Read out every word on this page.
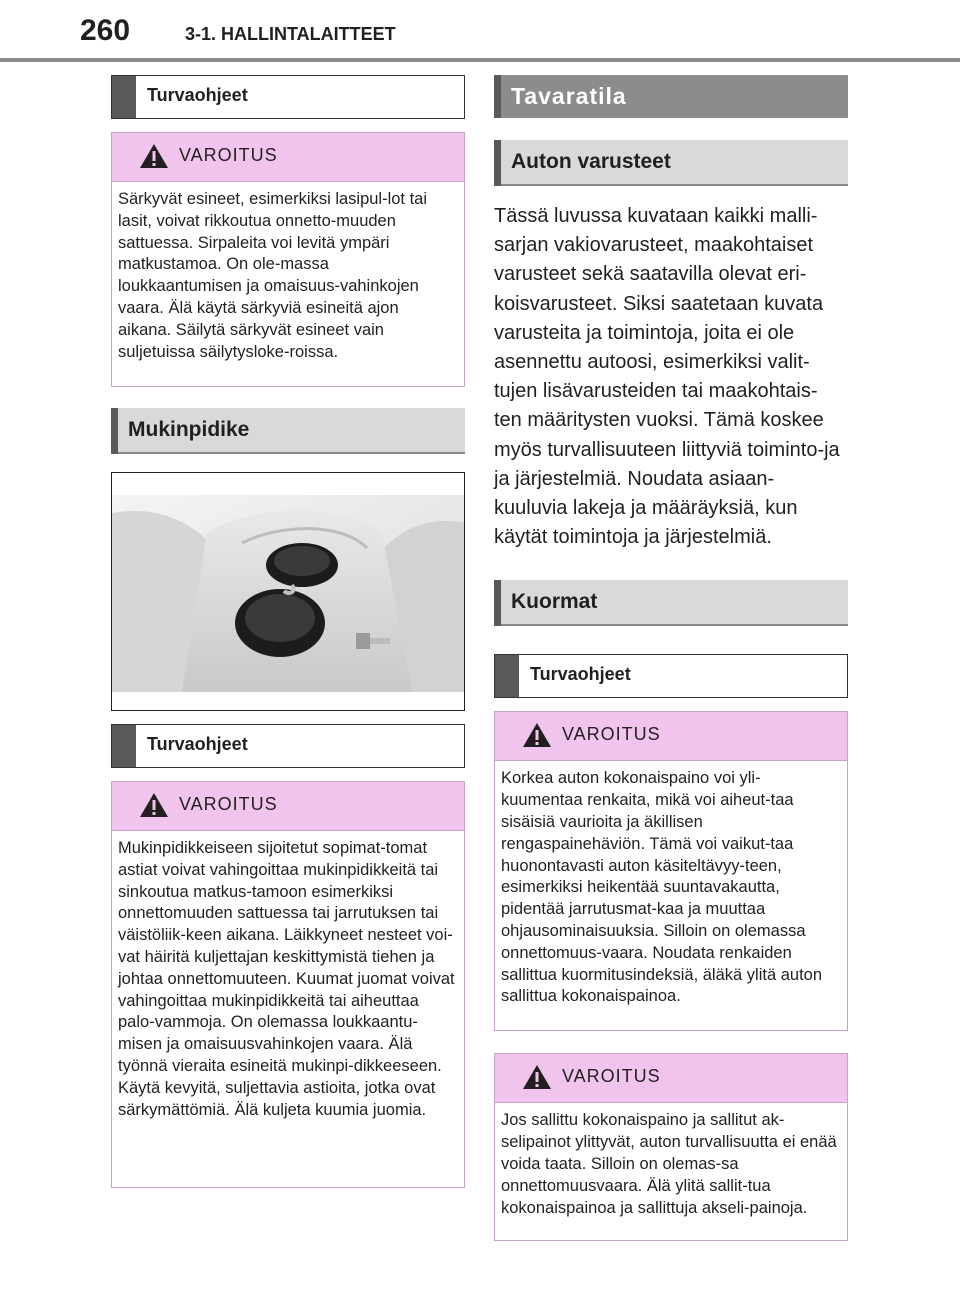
260	3-1. HALLINTALAITTEET
Turvaohjeet
VAROITUS
Särkyvät esineet, esimerkiksi lasipul-lot tai lasit, voivat rikkoutua onnetto-muuden sattuessa. Sirpaleita voi levitä ympäri matkustamoa. On ole-massa loukkaantumisen ja omaisuus-vahinkojen vaara. Älä käytä särkyviä esineitä ajon aikana. Säilytä särkyvät esineet vain suljetuissa säilytysloke-roissa.
Mukinpidike
Turvaohjeet
VAROITUS
Mukinpidikkeiseen sijoitetut sopimat-tomat astiat voivat vahingoittaa mukinpidikkeitä tai sinkoutua matkus-tamoon esimerkiksi onnettomuuden sattuessa tai jarrutuksen tai väistöliik-keen aikana. Läikkyneet nesteet voi-vat häiritä kuljettajan keskittymistä tiehen ja johtaa onnettomuuteen. Kuumat juomat voivat vahingoittaa mukinpidikkeitä tai aiheuttaa palo-vammoja. On olemassa loukkaantu-misen ja omaisuusvahinkojen vaara. Älä työnnä vieraita esineitä mukinpi-dikkeeseen. Käytä kevyitä, suljettavia astioita, jotka ovat särkymättömiä. Älä kuljeta kuumia juomia.
Tavaratila
Auton varusteet

Tässä luvussa kuvataan kaikki malli-sarjan vakiovarusteet, maakohtaiset varusteet sekä saatavilla olevat eri-koisvarusteet. Siksi saatetaan kuvata varusteita ja toimintoja, joita ei ole asennettu autoosi, esimerkiksi valit-tujen lisävarusteiden tai maakohtais-ten määritysten vuoksi. Tämä koskee myös turvallisuuteen liittyviä toiminto-ja ja järjestelmiä. Noudata asiaan-kuuluvia lakeja ja määräyksiä, kun käytät toimintoja ja järjestelmiä.

Kuormat
Turvaohjeet
VAROITUS
Korkea auton kokonaispaino voi yli-kuumentaa renkaita, mikä voi aiheut-taa sisäisiä vaurioita ja äkillisen rengaspainehäviön. Tämä voi vaikut-taa huonontavasti auton käsiteltävyy-teen, esimerkiksi heikentää suuntavakautta, pidentää jarrutusmat-kaa ja muuttaa ohjausominaisuuksia. Silloin on olemassa onnettomuus-vaara. Noudata renkaiden sallittua kuormitusindeksiä, äläkä ylitä auton sallittua kokonaispainoa.
VAROITUS
Jos sallittu kokonaispaino ja sallitut ak-selipainot ylittyvät, auton turvallisuutta ei enää voida taata. Silloin on olemas-sa onnettomuusvaara. Älä ylitä sallit-tua kokonaispainoa ja sallittuja akseli-painoja.
